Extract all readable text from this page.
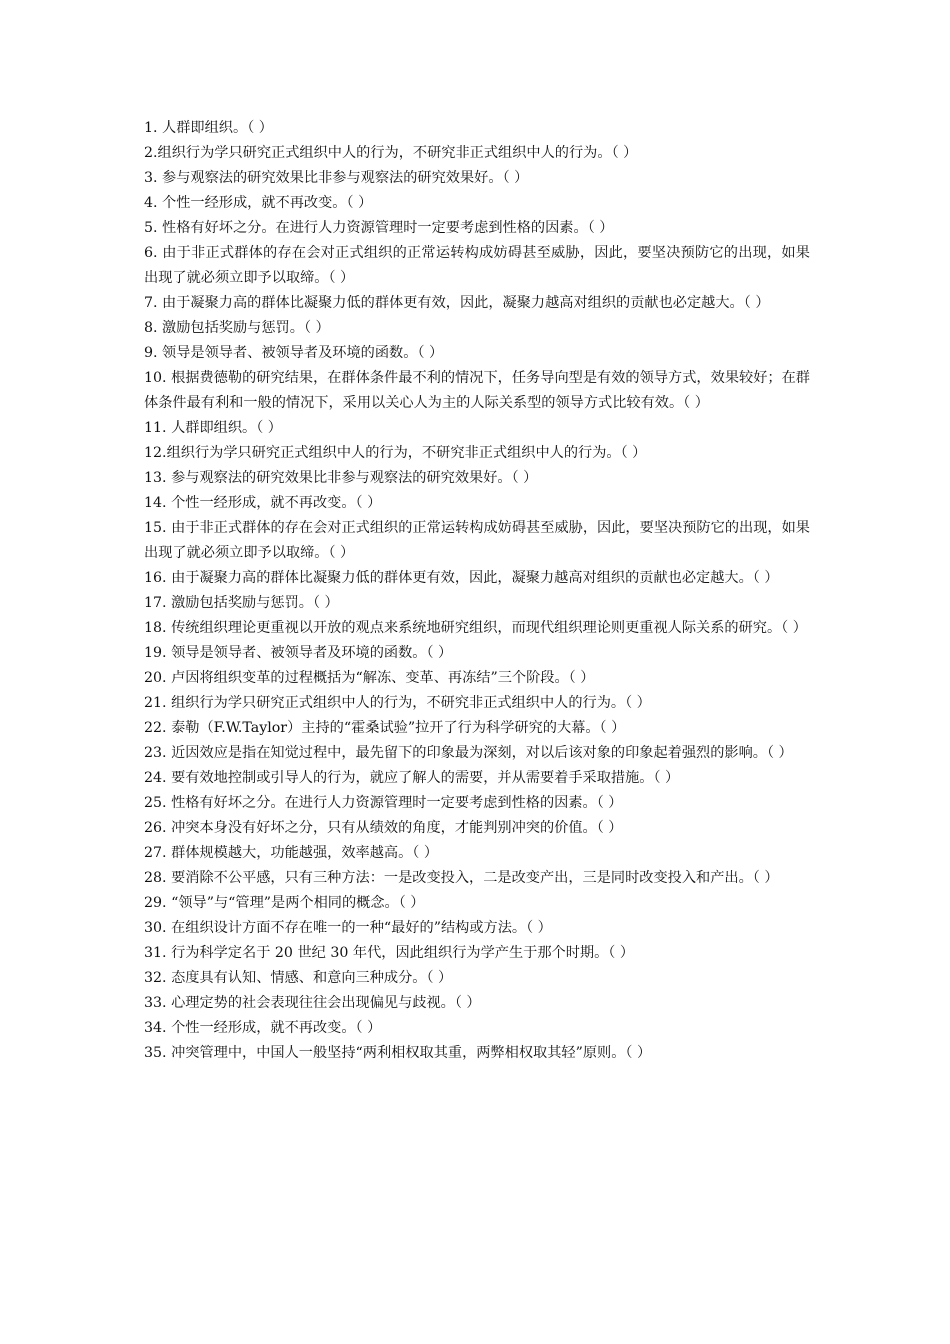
1. 人群即组织。（ ）

2.组织行为学只研究正式组织中人的行为，不研究非正式组织中人的行为。（ ）

3. 参与观察法的研究效果比非参与观察法的研究效果好。（ ）

4. 个性一经形成，就不再改变。（ ）

5. 性格有好坏之分。在进行人力资源管理时一定要考虑到性格的因素。（ ）

6. 由于非正式群体的存在会对正式组织的正常运转构成妨碍甚至威胁，因此，要坚决预防它的出现，如果出现了就必须立即予以取缔。（ ）

7. 由于凝聚力高的群体比凝聚力低的群体更有效，因此，凝聚力越高对组织的贡献也必定越大。（ ）

8. 激励包括奖励与惩罚。（ ）

9. 领导是领导者、被领导者及环境的函数。（ ）

10. 根据费德勒的研究结果，在群体条件最不利的情况下，任务导向型是有效的领导方式，效果较好；在群体条件最有利和一般的情况下，采用以关心人为主的人际关系型的领导方式比较有效。（ ）

11. 人群即组织。（ ）

12.组织行为学只研究正式组织中人的行为，不研究非正式组织中人的行为。（ ）

13. 参与观察法的研究效果比非参与观察法的研究效果好。（ ）

14. 个性一经形成，就不再改变。（ ）

15. 由于非正式群体的存在会对正式组织的正常运转构成妨碍甚至威胁，因此，要坚决预防它的出现，如果出现了就必须立即予以取缔。（ ）

16. 由于凝聚力高的群体比凝聚力低的群体更有效，因此，凝聚力越高对组织的贡献也必定越大。（ ）

17. 激励包括奖励与惩罚。（ ）

18. 传统组织理论更重视以开放的观点来系统地研究组织，而现代组织理论则更重视人际关系的研究。（ ）

19. 领导是领导者、被领导者及环境的函数。（ ）

20. 卢因将组织变革的过程概括为“解冻、变革、再冻结”三个阶段。（ ）

21. 组织行为学只研究正式组织中人的行为，不研究非正式组织中人的行为。（ ）

22. 泰勒（F.W.Taylor）主持的“霍桑试验”拉开了行为科学研究的大幕。（ ）

23. 近因效应是指在知觉过程中，最先留下的印象最为深刻，对以后该对象的印象起着强烈的影响。（ ）

24. 要有效地控制或引导人的行为，就应了解人的需要，并从需要着手采取措施。（ ）

25. 性格有好坏之分。在进行人力资源管理时一定要考虑到性格的因素。（ ）

26. 冲突本身没有好坏之分，只有从绩效的角度，才能判别冲突的价值。（ ）

27. 群体规模越大，功能越强，效率越高。（ ）

28. 要消除不公平感，只有三种方法：一是改变投入，二是改变产出，三是同时改变投入和产出。（ ）

29. “领导”与“管理”是两个相同的概念。（ ）

30. 在组织设计方面不存在唯一的一种“最好的”结构或方法。（ ）

31. 行为科学定名于 20 世纪 30 年代，因此组织行为学产生于那个时期。（ ）

32. 态度具有认知、情感、和意向三种成分。（ ）

33. 心理定势的社会表现往往会出现偏见与歧视。（ ）

34. 个性一经形成，就不再改变。（ ）

35. 冲突管理中，中国人一般坚持“两利相权取其重，两弊相权取其轻”原则。（ ）
